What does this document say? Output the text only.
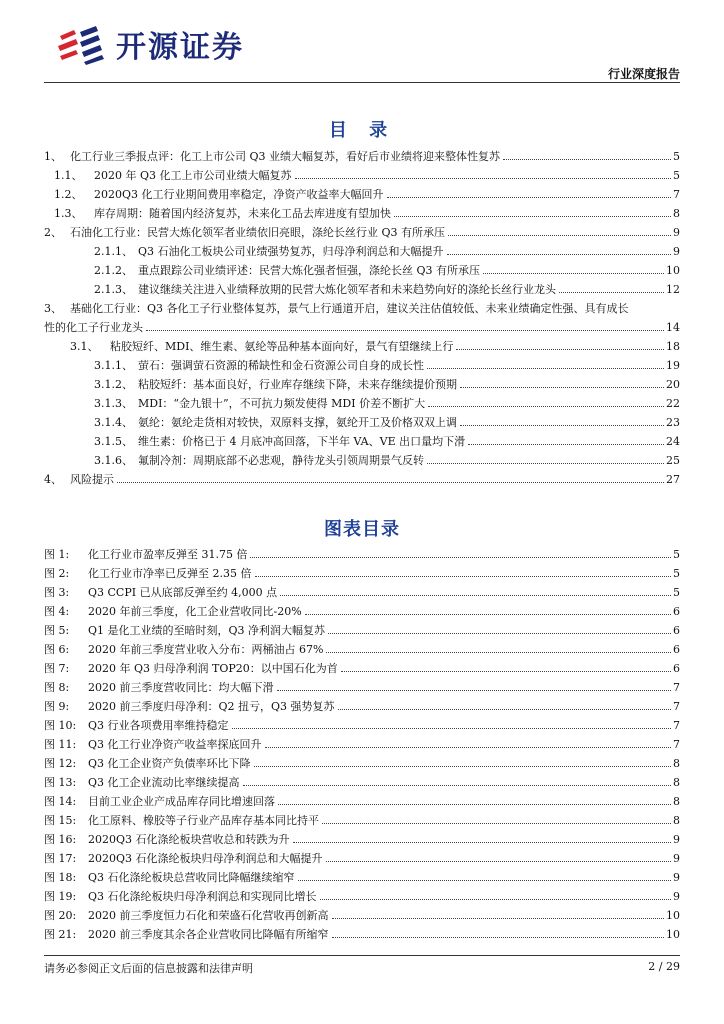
开源证券
行业深度报告
目 录
1、 化工行业三季报点评：化工上市公司 Q3 业绩大幅复苏，看好后市业绩将迎来整体性复苏	5
1.1、	2020 年 Q3 化工上市公司业绩大幅复苏	5
1.2、	2020Q3 化工行业期间费用率稳定，净资产收益率大幅回升	7
1.3、	库存周期：随着国内经济复苏，未来化工品去库进度有望加快	8
2、 石油化工行业：民营大炼化领军者业绩依旧亮眼，涤纶长丝行业 Q3 有所承压	9
2.1.1、 Q3 石油化工板块公司业绩强势复苏，归母净利润总和大幅提升	9
2.1.2、 重点跟踪公司业绩评述：民营大炼化强者恒强，涤纶长丝 Q3 有所承压	10
2.1.3、 建议继续关注进入业绩释放期的民营大炼化领军者和未来趋势向好的涤纶长丝行业龙头	12
3、 基础化工行业：Q3 各化工子行业整体复苏，景气上行通道开启，建议关注估值较低、未来业绩确定性强、具有成长
性的化工子行业龙头	14
3.1、	粘胶短纤、MDI、维生素、氨纶等品种基本面向好，景气有望继续上行	18
3.1.1、 萤石：强调萤石资源的稀缺性和金石资源公司自身的成长性	19
3.1.2、 粘胶短纤：基本面良好，行业库存继续下降，未来存继续提价预期	20
3.1.3、 MDI：“金九银十”，不可抗力频发使得 MDI 价差不断扩大	22
3.1.4、 氨纶：氨纶走货相对较快，双原料支撑，氨纶开工及价格双双上调	23
3.1.5、 维生素：价格已于 4 月底冲高回落，下半年 VA、VE 出口量均下滑	24
3.1.6、 氟制冷剂：周期底部不必悲观，静待龙头引领周期景气反转	25
4、 风险提示	27
图表目录
图 1:	化工行业市盈率反弹至 31.75 倍	5
图 2:	化工行业市净率已反弹至 2.35 倍	5
图 3:	Q3 CCPI 已从底部反弹至约 4,000 点	5
图 4:	2020 年前三季度，化工企业营收同比-20%	6
图 5:	Q1 是化工业绩的至暗时刻，Q3 净利润大幅复苏	6
图 6:	2020 年前三季度营业收入分布：两桶油占 67%	6
图 7:	2020 年 Q3 归母净利润 TOP20：以中国石化为首	6
图 8:	2020 前三季度营收同比：均大幅下滑	7
图 9:	2020 前三季度归母净利：Q2 扭亏，Q3 强势复苏	7
图 10:	Q3 行业各项费用率维持稳定	7
图 11:	Q3 化工行业净资产收益率探底回升	7
图 12:	Q3 化工企业资产负债率环比下降	8
图 13:	Q3 化工企业流动比率继续提高	8
图 14:	目前工业企业产成品库存同比增速回落	8
图 15:	化工原料、橡胶等子行业产品库存基本同比持平	8
图 16:	2020Q3 石化涤纶板块营收总和转跌为升	9
图 17:	2020Q3 石化涤纶板块归母净利润总和大幅提升	9
图 18:	Q3 石化涤纶板块总营收同比降幅继续缩窄	9
图 19:	Q3 石化涤纶板块归母净利润总和实现同比增长	9
图 20:	2020 前三季度恒力石化和荣盛石化营收再创新高	10
图 21:	2020 前三季度其余各企业营收同比降幅有所缩窄	10
请务必参阅正文后面的信息披露和法律声明	2 / 29
